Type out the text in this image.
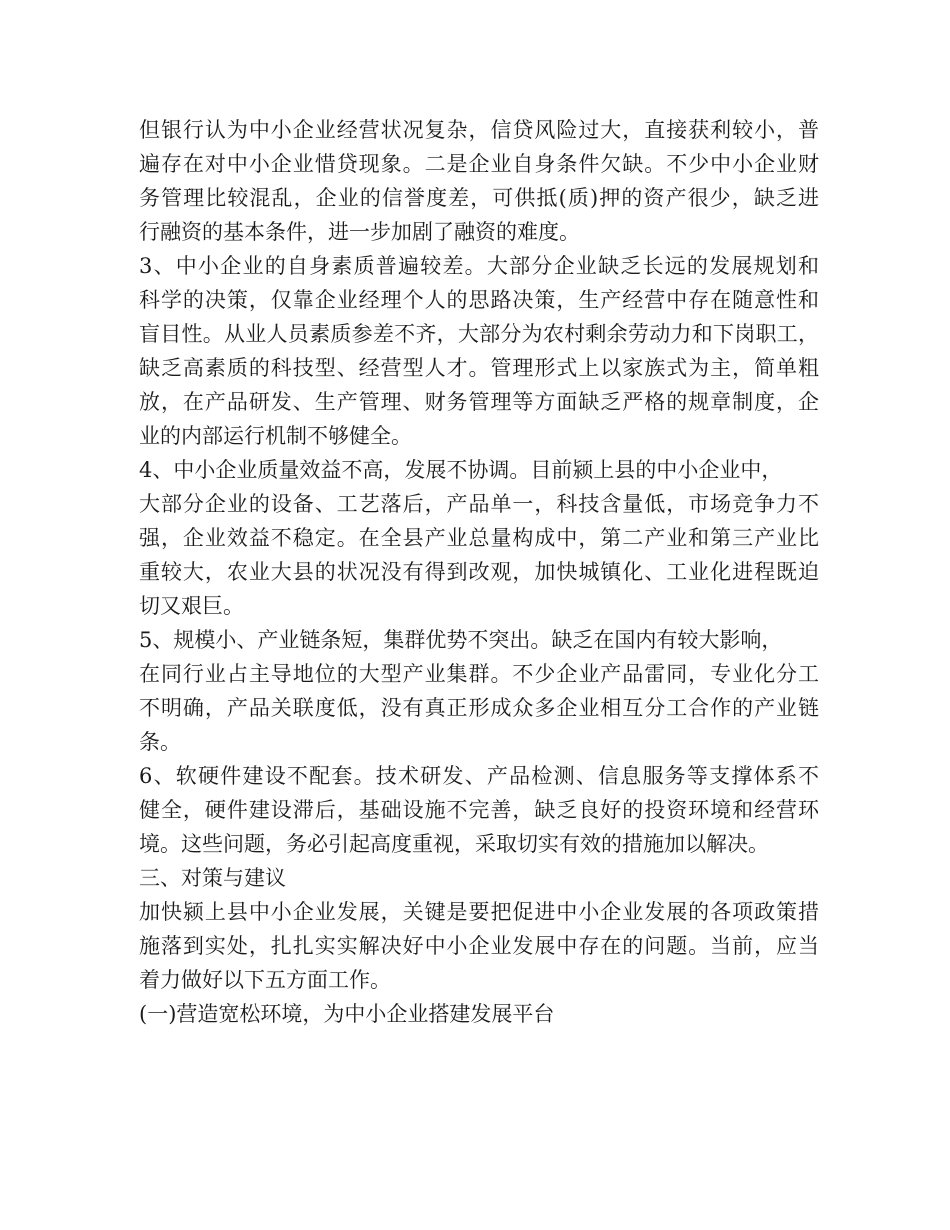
但银行认为中小企业经营状况复杂，信贷风险过大，直接获利较小，普
遍存在对中小企业惜贷现象。二是企业自身条件欠缺。不少中小企业财
务管理比较混乱，企业的信誉度差，可供抵(质)押的资产很少，缺乏进
行融资的基本条件，进一步加剧了融资的难度。
3、中小企业的自身素质普遍较差。大部分企业缺乏长远的发展规划和
科学的决策，仅靠企业经理个人的思路决策，生产经营中存在随意性和
盲目性。从业人员素质参差不齐，大部分为农村剩余劳动力和下岗职工，
缺乏高素质的科技型、经营型人才。管理形式上以家族式为主，简单粗
放，在产品研发、生产管理、财务管理等方面缺乏严格的规章制度，企
业的内部运行机制不够健全。
4、中小企业质量效益不高，发展不协调。目前颍上县的中小企业中，
大部分企业的设备、工艺落后，产品单一，科技含量低，市场竞争力不
强，企业效益不稳定。在全县产业总量构成中，第二产业和第三产业比
重较大，农业大县的状况没有得到改观，加快城镇化、工业化进程既迫
切又艰巨。
5、规模小、产业链条短，集群优势不突出。缺乏在国内有较大影响，
在同行业占主导地位的大型产业集群。不少企业产品雷同，专业化分工
不明确，产品关联度低，没有真正形成众多企业相互分工合作的产业链
条。
6、软硬件建设不配套。技术研发、产品检测、信息服务等支撑体系不
健全，硬件建设滞后，基础设施不完善，缺乏良好的投资环境和经营环
境。这些问题，务必引起高度重视，采取切实有效的措施加以解决。
三、对策与建议
加快颍上县中小企业发展，关键是要把促进中小企业发展的各项政策措
施落到实处，扎扎实实解决好中小企业发展中存在的问题。当前，应当
着力做好以下五方面工作。
(一)营造宽松环境，为中小企业搭建发展平台
